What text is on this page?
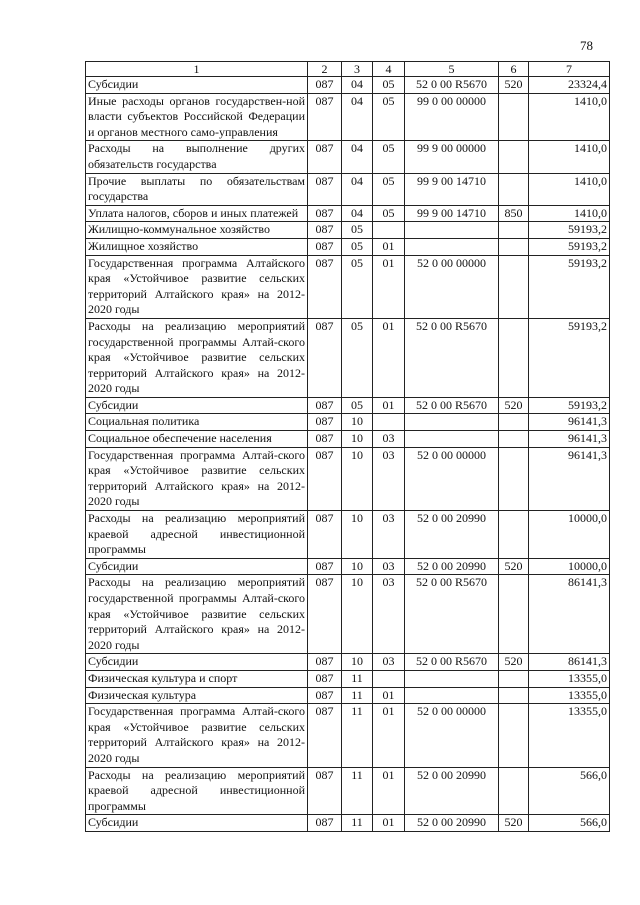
78
1	2	3	4	5	6	7
Субсидии	087	04	05	52 0 00 R5670	520	23324,4
Иные расходы органов государствен-ной власти субъектов Российской Федерации и органов местного само-управления	087	04	05	99 0 00 00000		1410,0
Расходы на выполнение других обязательств государства	087	04	05	99 9 00 00000		1410,0
Прочие выплаты по обязательствам государства	087	04	05	99 9 00 14710		1410,0
Уплата налогов, сборов и иных платежей	087	04	05	99 9 00 14710	850	1410,0
Жилищно-коммунальное хозяйство	087	05				59193,2
Жилищное хозяйство	087	05	01			59193,2
Государственная программа Алтайского края «Устойчивое развитие сельских территорий Алтайского края» на 2012-2020 годы	087	05	01	52 0 00 00000		59193,2
Расходы на реализацию мероприятий государственной программы Алтай-ского края «Устойчивое развитие сельских территорий Алтайского края» на 2012-2020 годы	087	05	01	52 0 00 R5670		59193,2
Субсидии	087	05	01	52 0 00 R5670	520	59193,2
Социальная политика	087	10				96141,3
Социальное обеспечение населения	087	10	03			96141,3
Государственная программа Алтай-ского края «Устойчивое развитие сельских территорий Алтайского края» на 2012-2020 годы	087	10	03	52 0 00 00000		96141,3
Расходы на реализацию мероприятий краевой адресной инвестиционной программы	087	10	03	52 0 00 20990		10000,0
Субсидии	087	10	03	52 0 00 20990	520	10000,0
Расходы на реализацию мероприятий государственной программы Алтай-ского края «Устойчивое развитие сельских территорий Алтайского края» на 2012-2020 годы	087	10	03	52 0 00 R5670		86141,3
Субсидии	087	10	03	52 0 00 R5670	520	86141,3
Физическая культура и спорт	087	11				13355,0
Физическая культура	087	11	01			13355,0
Государственная программа Алтай-ского края «Устойчивое развитие сельских территорий Алтайского края» на 2012-2020 годы	087	11	01	52 0 00 00000		13355,0
Расходы на реализацию мероприятий краевой адресной инвестиционной программы	087	11	01	52 0 00 20990		566,0
Субсидии	087	11	01	52 0 00 20990	520	566,0
